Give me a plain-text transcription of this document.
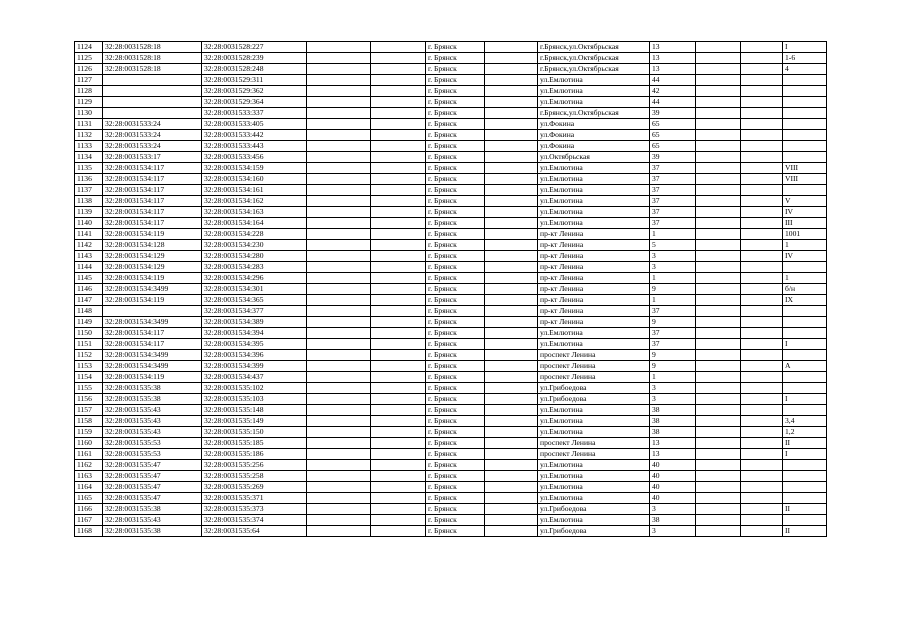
1124	32:28:0031528:18	32:28:0031528:227			г. Брянск		г.Брянск,ул.Октябрьская	13			I
1125	32:28:0031528:18	32:28:0031528:239			г. Брянск		г.Брянск,ул.Октябрьская	13			1-6
1126	32:28:0031528:18	32:28:0031528:248			г. Брянск		г.Брянск,ул.Октябрьская	13			4
1127		32:28:0031529:311			г. Брянск		ул.Емлютина	44			
1128		32:28:0031529:362			г. Брянск		ул.Емлютина	42			
1129		32:28:0031529:364			г. Брянск		ул.Емлютина	44			
1130		32:28:0031533:337			г. Брянск		г.Брянск,ул.Октябрьская	39			
1131	32:28:0031533:24	32:28:0031533:405			г. Брянск		ул.Фокина	65			
1132	32:28:0031533:24	32:28:0031533:442			г. Брянск		ул.Фокина	65			
1133	32:28:0031533:24	32:28:0031533:443			г. Брянск		ул.Фокина	65			
1134	32:28:0031533:17	32:28:0031533:456			г. Брянск		ул.Октябрьская	39			
1135	32:28:0031534:117	32:28:0031534:159			г. Брянск		ул.Емлютина	37			VIII
1136	32:28:0031534:117	32:28:0031534:160			г. Брянск		ул.Емлютина	37			VIII
1137	32:28:0031534:117	32:28:0031534:161			г. Брянск		ул.Емлютина	37			
1138	32:28:0031534:117	32:28:0031534:162			г. Брянск		ул.Емлютина	37			V
1139	32:28:0031534:117	32:28:0031534:163			г. Брянск		ул.Емлютина	37			IV
1140	32:28:0031534:117	32:28:0031534:164			г. Брянск		ул.Емлютина	37			III
1141	32:28:0031534:119	32:28:0031534:228			г. Брянск		пр-кт Ленина	1			1001
1142	32:28:0031534:128	32:28:0031534:230			г. Брянск		пр-кт Ленина	5			1
1143	32:28:0031534:129	32:28:0031534:280			г. Брянск		пр-кт Ленина	3			IV
1144	32:28:0031534:129	32:28:0031534:283			г. Брянск		пр-кт Ленина	3			
1145	32:28:0031534:119	32:28:0031534:296			г. Брянск		пр-кт Ленина	1			1
1146	32:28:0031534:3499	32:28:0031534:301			г. Брянск		пр-кт Ленина	9			б/н
1147	32:28:0031534:119	32:28:0031534:365			г. Брянск		пр-кт Ленина	1			IX
1148		32:28:0031534:377			г. Брянск		пр-кт Ленина	37			
1149	32:28:0031534:3499	32:28:0031534:389			г. Брянск		пр-кт Ленина	9			
1150	32:28:0031534:117	32:28:0031534:394			г. Брянск		ул.Емлютина	37			
1151	32:28:0031534:117	32:28:0031534:395			г. Брянск		ул.Емлютина	37			I
1152	32:28:0031534:3499	32:28:0031534:396			г. Брянск		проспект Ленина	9			
1153	32:28:0031534:3499	32:28:0031534:399			г. Брянск		проспект Ленина	9			A
1154	32:28:0031534:119	32:28:0031534:437			г. Брянск		проспект Ленина	1			
1155	32:28:0031535:38	32:28:0031535:102			г. Брянск		ул.Грибоедова	3			
1156	32:28:0031535:38	32:28:0031535:103			г. Брянск		ул.Грибоедова	3			I
1157	32:28:0031535:43	32:28:0031535:148			г. Брянск		ул.Емлютина	38			
1158	32:28:0031535:43	32:28:0031535:149			г. Брянск		ул.Емлютина	38			3,4
1159	32:28:0031535:43	32:28:0031535:150			г. Брянск		ул.Емлютина	38			1,2
1160	32:28:0031535:53	32:28:0031535:185			г. Брянск		проспект Ленина	13			II
1161	32:28:0031535:53	32:28:0031535:186			г. Брянск		проспект Ленина	13			I
1162	32:28:0031535:47	32:28:0031535:256			г. Брянск		ул.Емлютина	40			
1163	32:28:0031535:47	32:28:0031535:258			г. Брянск		ул.Емлютина	40			
1164	32:28:0031535:47	32:28:0031535:269			г. Брянск		ул.Емлютина	40			
1165	32:28:0031535:47	32:28:0031535:371			г. Брянск		ул.Емлютина	40			
1166	32:28:0031535:38	32:28:0031535:373			г. Брянск		ул.Грибоедова	3			II
1167	32:28:0031535:43	32:28:0031535:374			г. Брянск		ул.Емлютина	38			
1168	32:28:0031535:38	32:28:0031535:64			г. Брянск		ул.Грибоедова	3			II
